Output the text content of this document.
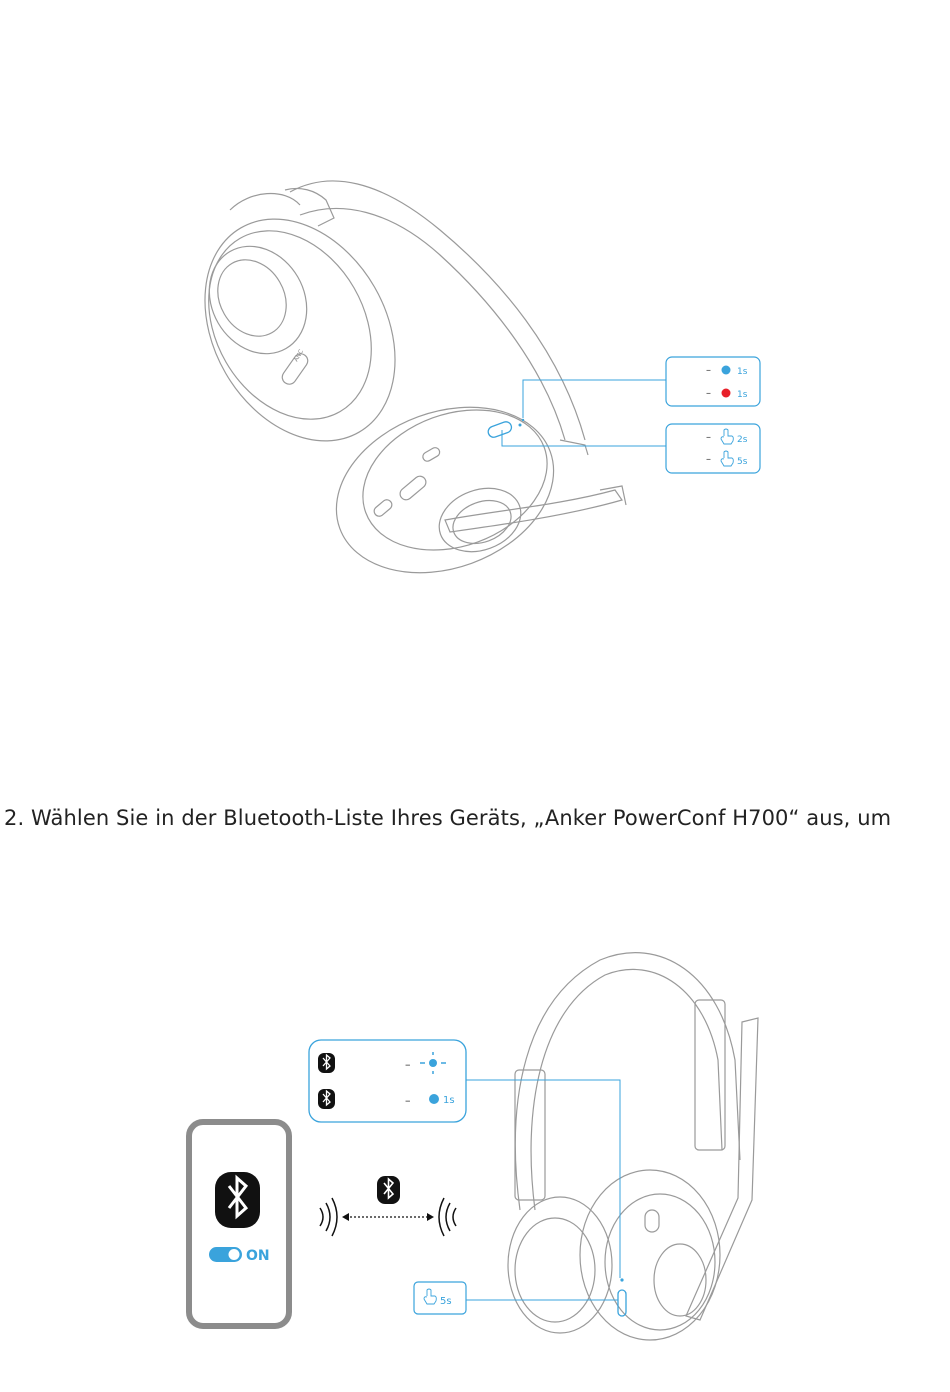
–	1s
–	1s
–	2s
–	5s
ANC
2. Wählen Sie in der Bluetooth-Liste Ihres Geräts, „Anker PowerConf H700“ aus, um
–
–	1s
5s
ON
